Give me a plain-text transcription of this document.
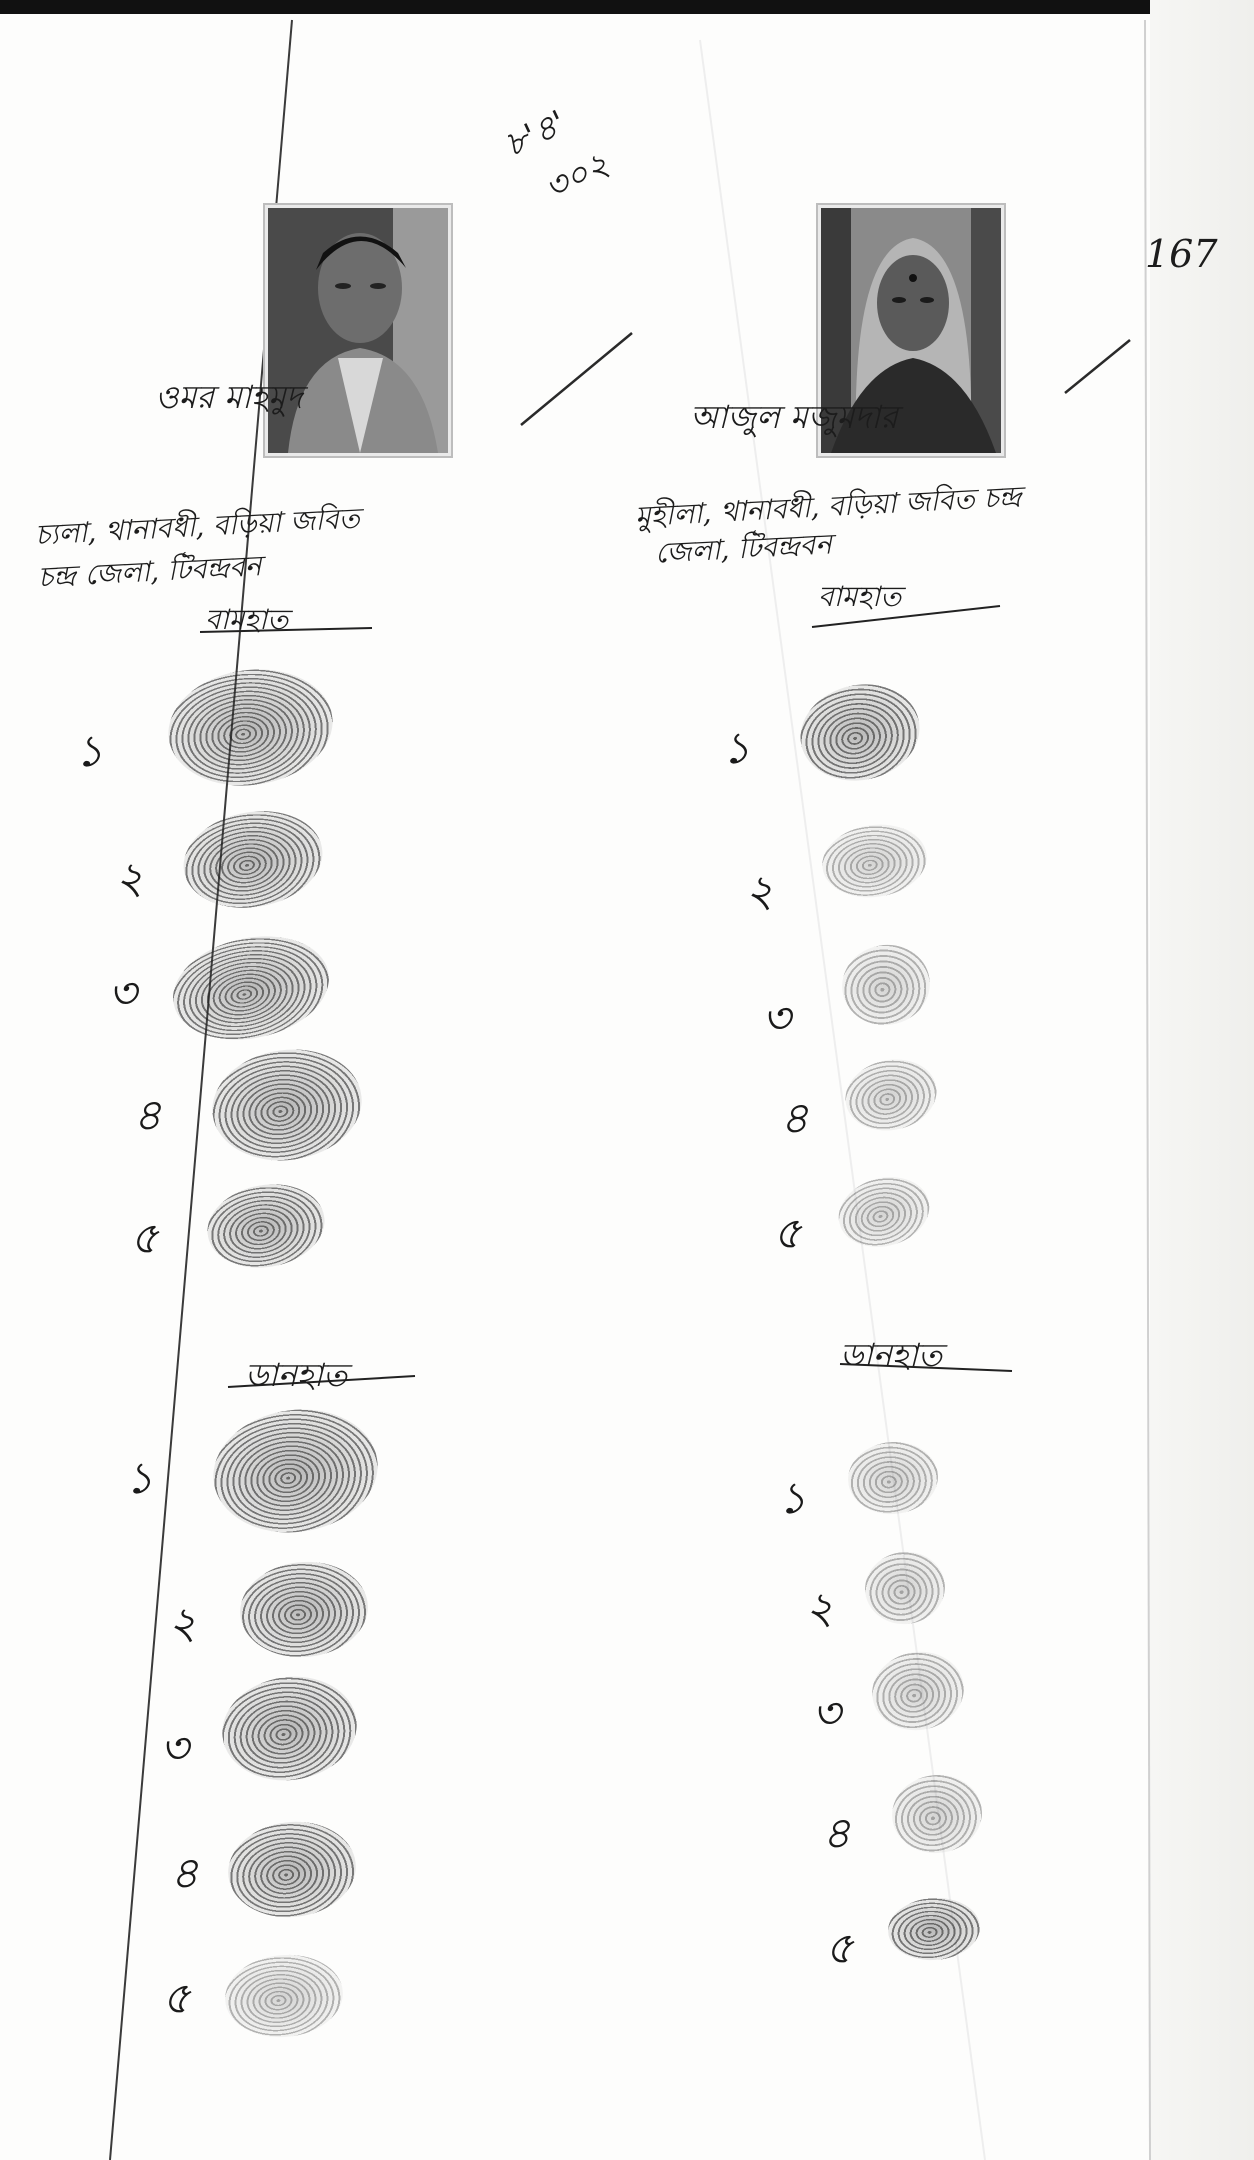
৮'৪'
৩০২
167
ওমর মাহমুদ
আজুল মজুমদার
চ্যলা, থানাবধী, বড়িয়া জবিত
চন্দ্র জেলা, টিবন্দ্রবন
মুহীলা, থানাবধী, বড়িয়া জবিত চন্দ্র
জেলা, টিবন্দ্রবন
বামহাত
বামহাত
ডানহাত
ডানহাত
১
২
৩
৪
৫
১
২
৩
৪
৫
১
২
৩
৪
৫
১
২
৩
৪
৫
